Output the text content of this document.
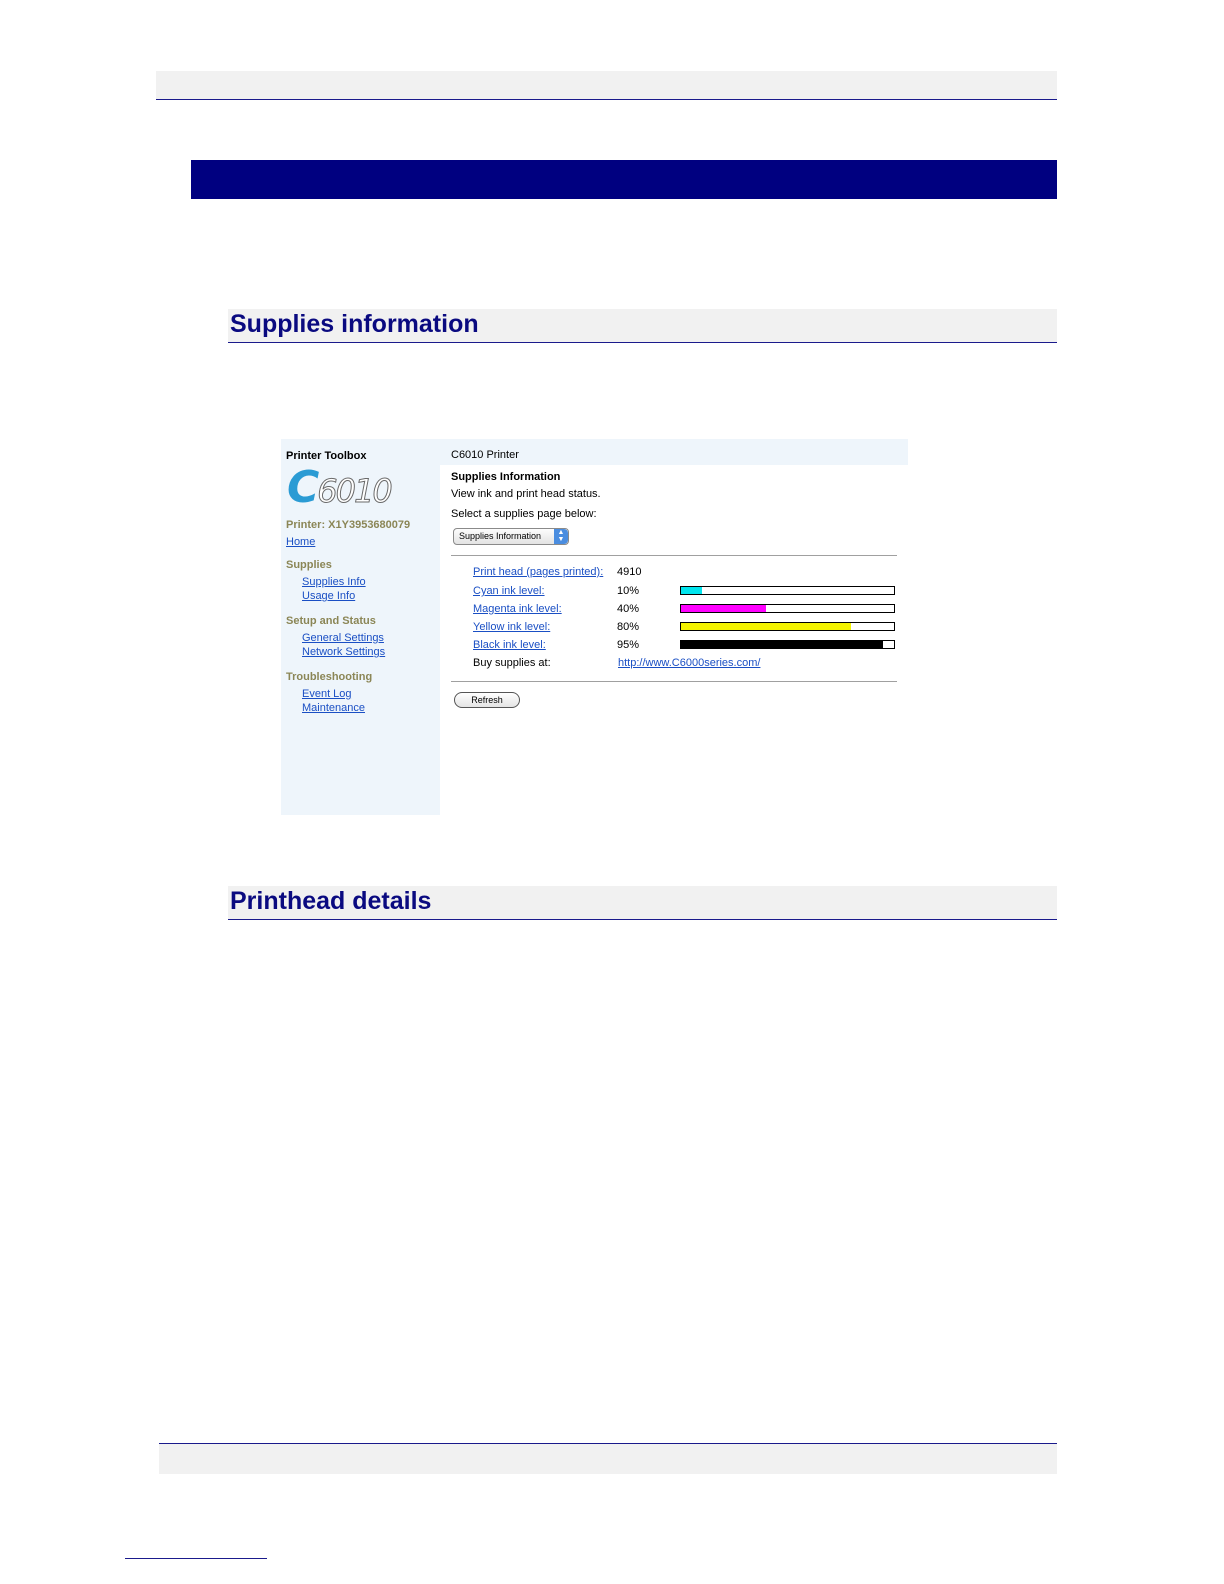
Supplies information
Printer Toolbox
C6010
Printer: X1Y3953680079
Home
Supplies
Supplies Info
Usage Info
Setup and Status
General Settings
Network Settings
Troubleshooting
Event Log
Maintenance
C6010 Printer
Supplies Information
View ink and print head status.
Select a supplies page below:
Supplies Information	▲
▼
Print head (pages printed): 4910
Cyan ink level:	10%
Magenta ink level:	40%
Yellow ink level:	80%
Black ink level:	95%
Buy supplies at:	http://www.C6000series.com/
Refresh
Printhead details
